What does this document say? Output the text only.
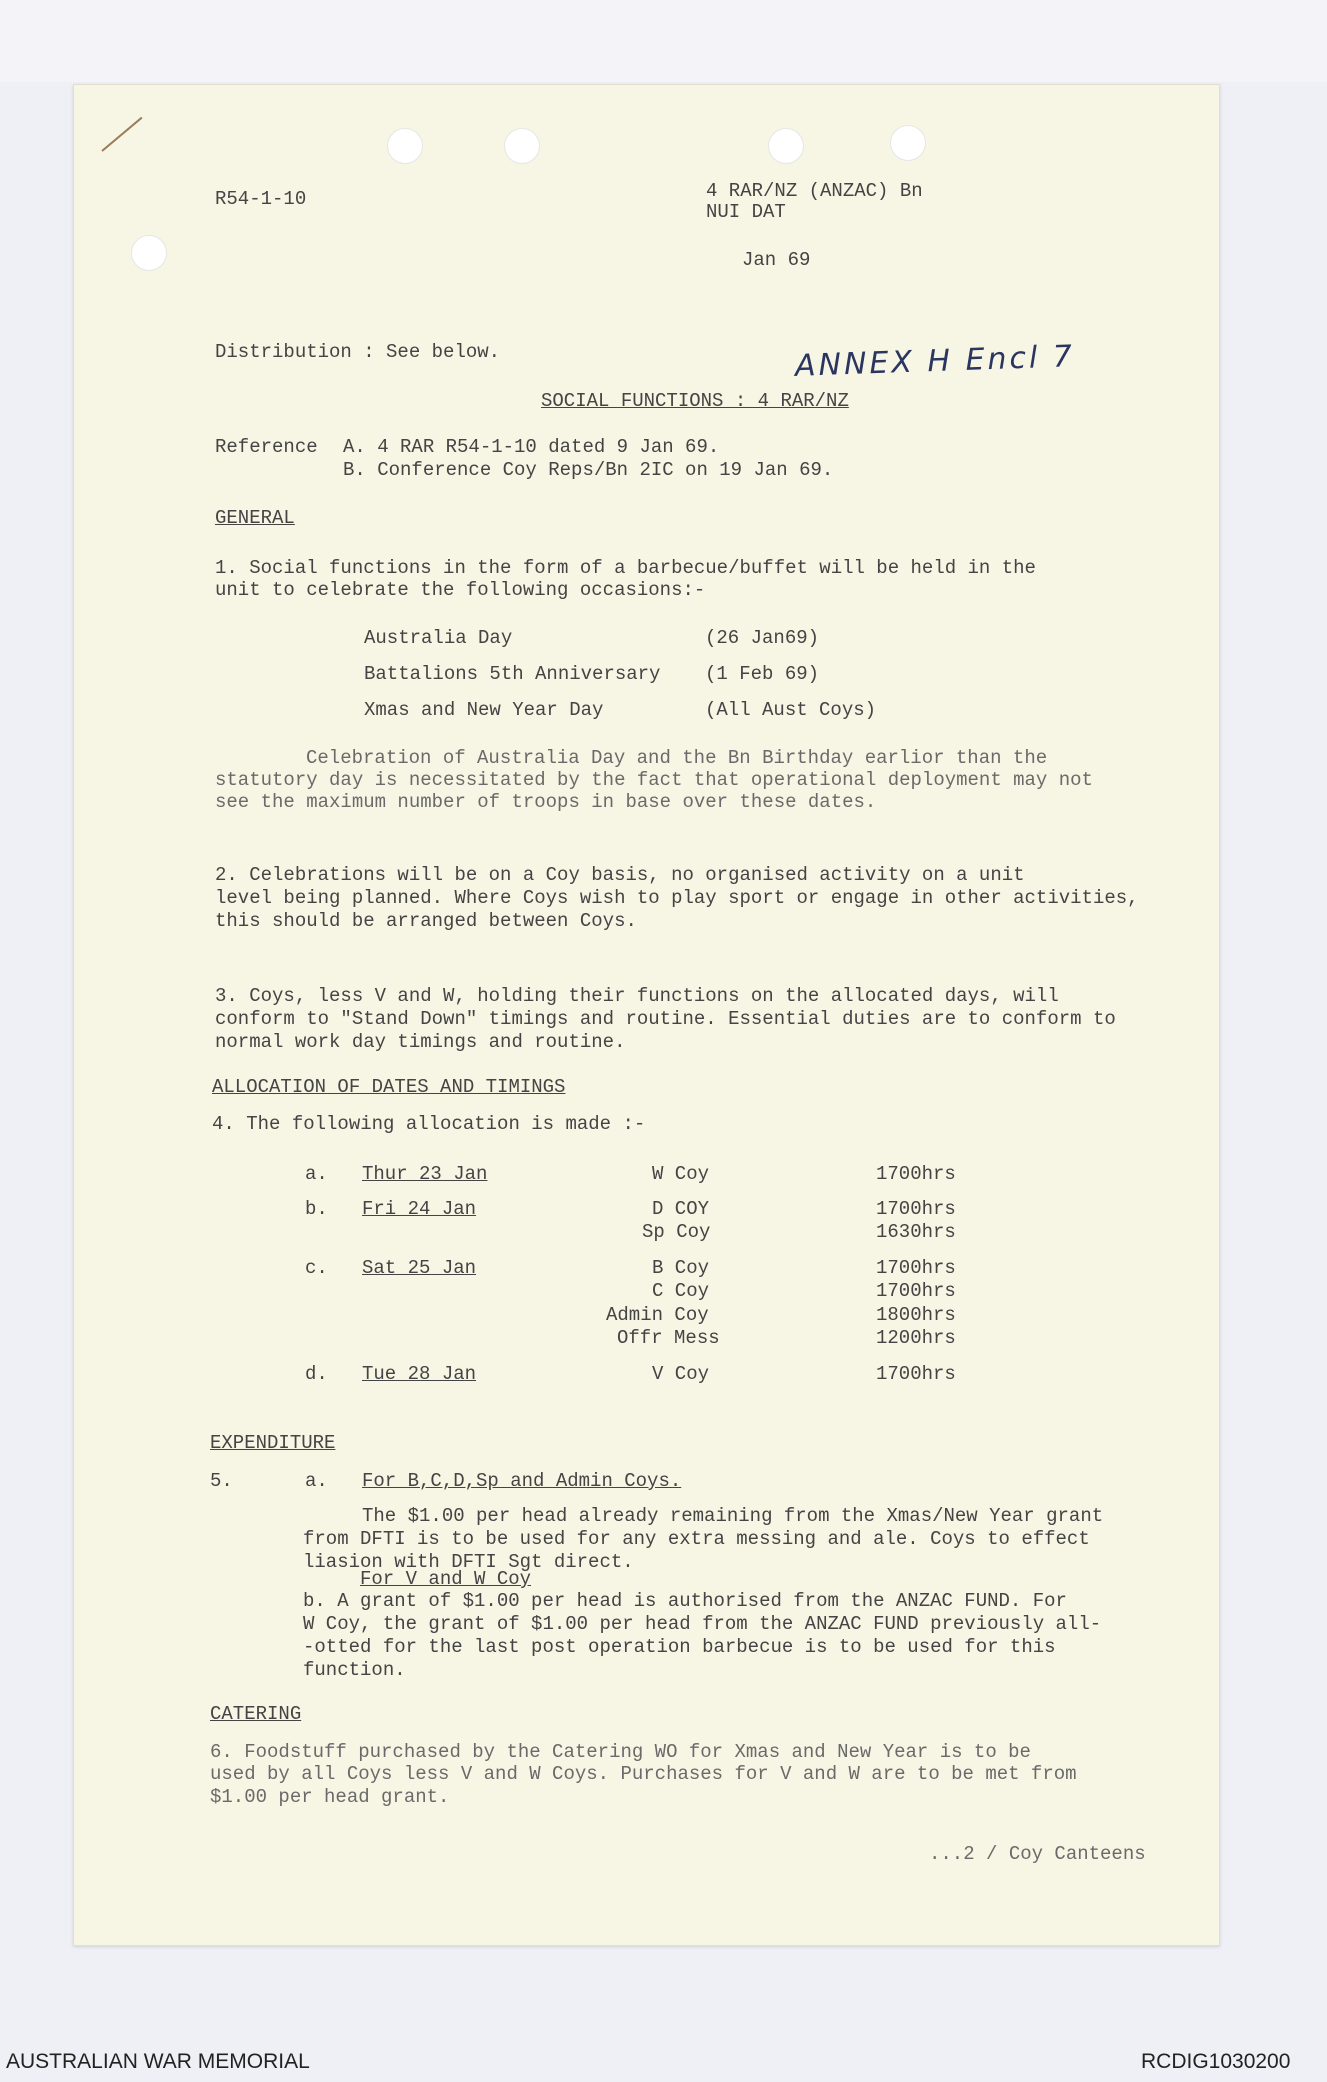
R54-1-10	4 RAR/NZ (ANZAC) Bn
NUI DAT
Jan 69
Distribution : See below.	ANNEX H Encl 7
SOCIAL FUNCTIONS : 4 RAR/NZ
Reference A. 4 RAR R54-1-10 dated 9 Jan 69.
B. Conference Coy Reps/Bn 2IC on 19 Jan 69.
GENERAL
1. Social functions in the form of a barbecue/buffet will be held in the
unit to celebrate the following occasions:-
Australia Day	(26 Jan69)
Battalions 5th Anniversary (1 Feb 69)
Xmas and New Year Day	(All Aust Coys)
Celebration of Australia Day and the Bn Birthday earlior than the
statutory day is necessitated by the fact that operational deployment may not
see the maximum number of troops in base over these dates.
2. Celebrations will be on a Coy basis, no organised activity on a unit
level being planned. Where Coys wish to play sport or engage in other activities,
this should be arranged between Coys.
3. Coys, less V and W, holding their functions on the allocated days, will
conform to "Stand Down" timings and routine. Essential duties are to conform to
normal work day timings and routine.
ALLOCATION OF DATES AND TIMINGS
4. The following allocation is made :-
a. Thur 23 Jan	W Coy	1700hrs
b. Fri 24 Jan	D COY	1700hrs
Sp Coy	1630hrs
c. Sat 25 Jan	B Coy	1700hrs
C Coy	1700hrs
Admin Coy	1800hrs
Offr Mess	1200hrs
d. Tue 28 Jan	V Coy	1700hrs
EXPENDITURE
5.	a. For B,C,D,Sp and Admin Coys.
The $1.00 per head already remaining from the Xmas/New Year grant
from DFTI is to be used for any extra messing and ale. Coys to effect
liasion with DFTI Sgt direct.
For V and W Coy
b. A grant of $1.00 per head is authorised from the ANZAC FUND. For
W Coy, the grant of $1.00 per head from the ANZAC FUND previously all-
-otted for the last post operation barbecue is to be used for this
function.
CATERING
6. Foodstuff purchased by the Catering WO for Xmas and New Year is to be
used by all Coys less V and W Coys. Purchases for V and W are to be met from
$1.00 per head grant.
...2 / Coy Canteens
AUSTRALIAN WAR MEMORIAL	RCDIG1030200
